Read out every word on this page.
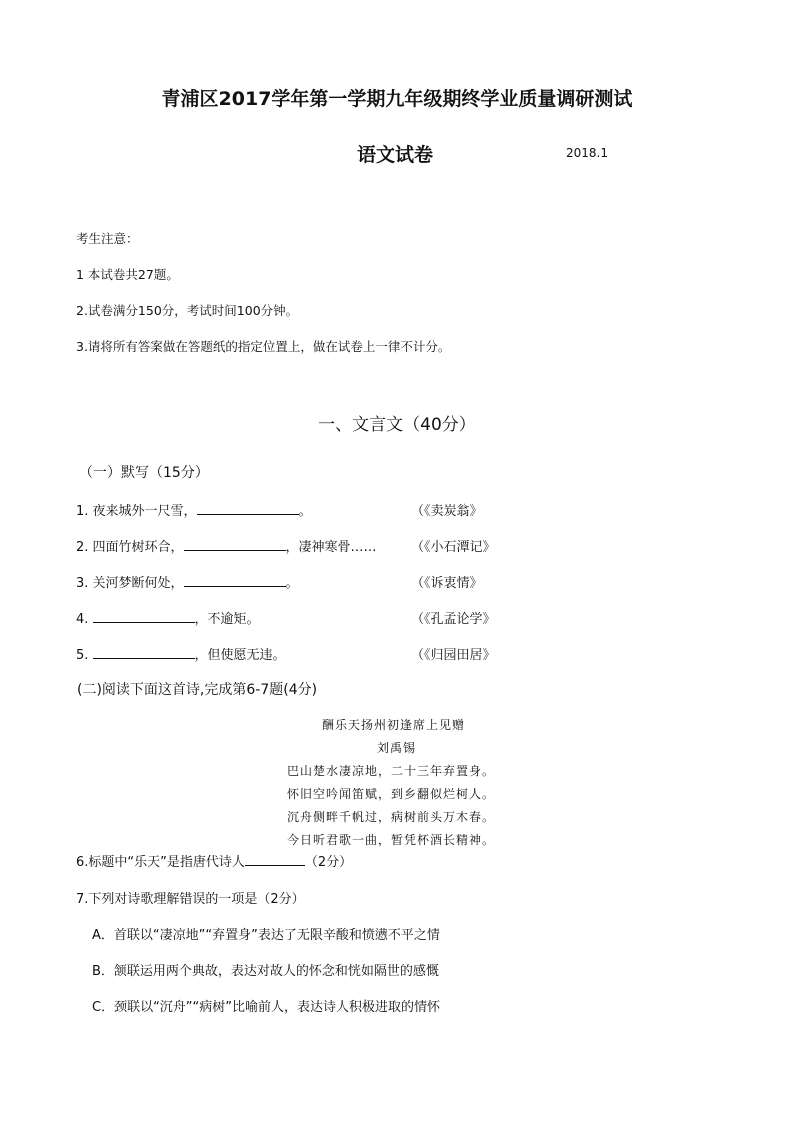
青浦区2017学年第一学期九年级期终学业质量调研测试
语文试卷	2018.1
考生注意：
1 本试卷共27题。
2.试卷满分150分，考试时间100分钟。
3.请将所有答案做在答题纸的指定位置上，做在试卷上一律不计分。
一、文言文（40分）
（一）默写（15分）
1. 夜来城外一尺雪，	。	（《卖炭翁》
2. 四面竹树环合，	，凄神寒骨……	（《小石潭记》
3. 关河梦断何处，	。	（《诉衷情》
4.	，不逾矩。	（《孔孟论学》
5.	，但使愿无违。	（《归园田居》
(二)阅读下面这首诗,完成第6-7题(4分)
酬乐天扬州初逢席上见赠
刘禹锡
巴山楚水凄凉地，二十三年弃置身。
怀旧空吟闻笛赋，到乡翻似烂柯人。
沉舟侧畔千帆过，病树前头万木春。
今日听君歌一曲，暂凭杯酒长精神。
6.标题中“乐天”是指唐代诗人	（2分）
7.下列对诗歌理解错误的一项是（2分）
A．首联以“凄凉地”“弃置身”表达了无限辛酸和愤懑不平之情
B．颔联运用两个典故，表达对故人的怀念和恍如隔世的感慨
C．颈联以“沉舟”“病树”比喻前人，表达诗人积极进取的情怀
